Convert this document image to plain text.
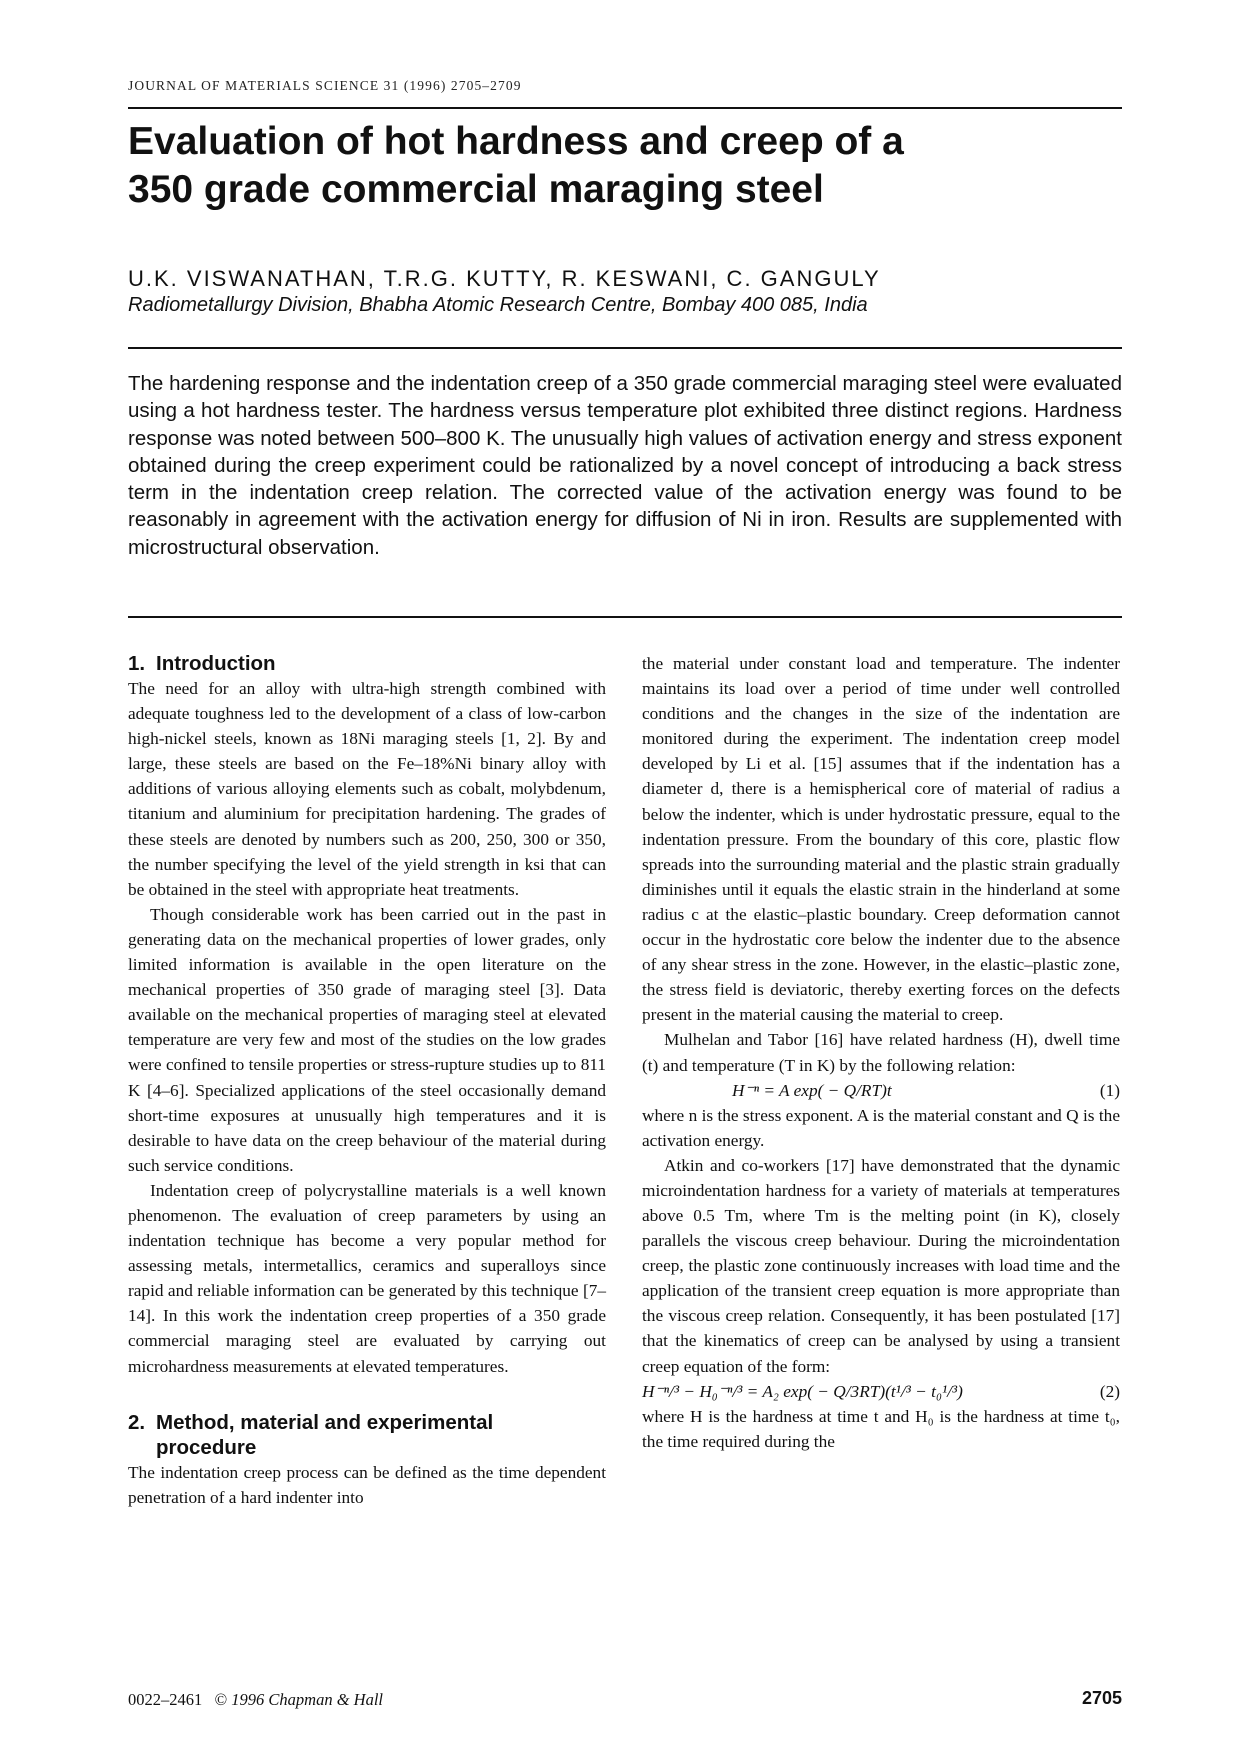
JOURNAL OF MATERIALS SCIENCE 31 (1996) 2705–2709
Evaluation of hot hardness and creep of a
350 grade commercial maraging steel
U.K. VISWANATHAN, T.R.G. KUTTY, R. KESWANI, C. GANGULY
Radiometallurgy Division, Bhabha Atomic Research Centre, Bombay 400 085, India
The hardening response and the indentation creep of a 350 grade commercial maraging steel were evaluated using a hot hardness tester. The hardness versus temperature plot exhibited three distinct regions. Hardness response was noted between 500–800 K. The unusually high values of activation energy and stress exponent obtained during the creep experiment could be rationalized by a novel concept of introducing a back stress term in the indentation creep relation. The corrected value of the activation energy was found to be reasonably in agreement with the activation energy for diffusion of Ni in iron. Results are supplemented with microstructural observation.
1. Introduction

The need for an alloy with ultra-high strength combined with adequate toughness led to the development of a class of low-carbon high-nickel steels, known as 18Ni maraging steels [1, 2]. By and large, these steels are based on the Fe–18%Ni binary alloy with additions of various alloying elements such as cobalt, molybdenum, titanium and aluminium for precipitation hardening. The grades of these steels are denoted by numbers such as 200, 250, 300 or 350, the number specifying the level of the yield strength in ksi that can be obtained in the steel with appropriate heat treatments.

Though considerable work has been carried out in the past in generating data on the mechanical properties of lower grades, only limited information is available in the open literature on the mechanical properties of 350 grade of maraging steel [3]. Data available on the mechanical properties of maraging steel at elevated temperature are very few and most of the studies on the low grades were confined to tensile properties or stress-rupture studies up to 811 K [4–6]. Specialized applications of the steel occasionally demand short-time exposures at unusually high temperatures and it is desirable to have data on the creep behaviour of the material during such service conditions.

Indentation creep of polycrystalline materials is a well known phenomenon. The evaluation of creep parameters by using an indentation technique has become a very popular method for assessing metals, intermetallics, ceramics and superalloys since rapid and reliable information can be generated by this technique [7–14]. In this work the indentation creep properties of a 350 grade commercial maraging steel are evaluated by carrying out microhardness measurements at elevated temperatures.

2. Method, material and experimental
procedure

The indentation creep process can be defined as the time dependent penetration of a hard indenter into

the material under constant load and temperature. The indenter maintains its load over a period of time under well controlled conditions and the changes in the size of the indentation are monitored during the experiment. The indentation creep model developed by Li et al. [15] assumes that if the indentation has a diameter d, there is a hemispherical core of material of radius a below the indenter, which is under hydrostatic pressure, equal to the indentation pressure. From the boundary of this core, plastic flow spreads into the surrounding material and the plastic strain gradually diminishes until it equals the elastic strain in the hinderland at some radius c at the elastic–plastic boundary. Creep deformation cannot occur in the hydrostatic core below the indenter due to the absence of any shear stress in the zone. However, in the elastic–plastic zone, the stress field is deviatoric, thereby exerting forces on the defects present in the material causing the material to creep.

Mulhelan and Tabor [16] have related hardness (H), dwell time (t) and temperature (T in K) by the following relation:

H⁻ⁿ = A exp( − Q/RT)t	(1)

where n is the stress exponent. A is the material constant and Q is the activation energy.

Atkin and co-workers [17] have demonstrated that the dynamic microindentation hardness for a variety of materials at temperatures above 0.5 Tm, where Tm is the melting point (in K), closely parallels the viscous creep behaviour. During the microindentation creep, the plastic zone continuously increases with load time and the application of the transient creep equation is more appropriate than the viscous creep relation. Consequently, it has been postulated [17] that the kinematics of creep can be analysed by using a transient creep equation of the form:

H⁻ⁿ/³ − H₀⁻ⁿ/³ = A₂ exp( − Q/3RT)(t¹/³ − t₀¹/³)	(2)

where H is the hardness at time t and H₀ is the hardness at time t₀, the time required during the

0022–2461 © 1996 Chapman & Hall	2705
